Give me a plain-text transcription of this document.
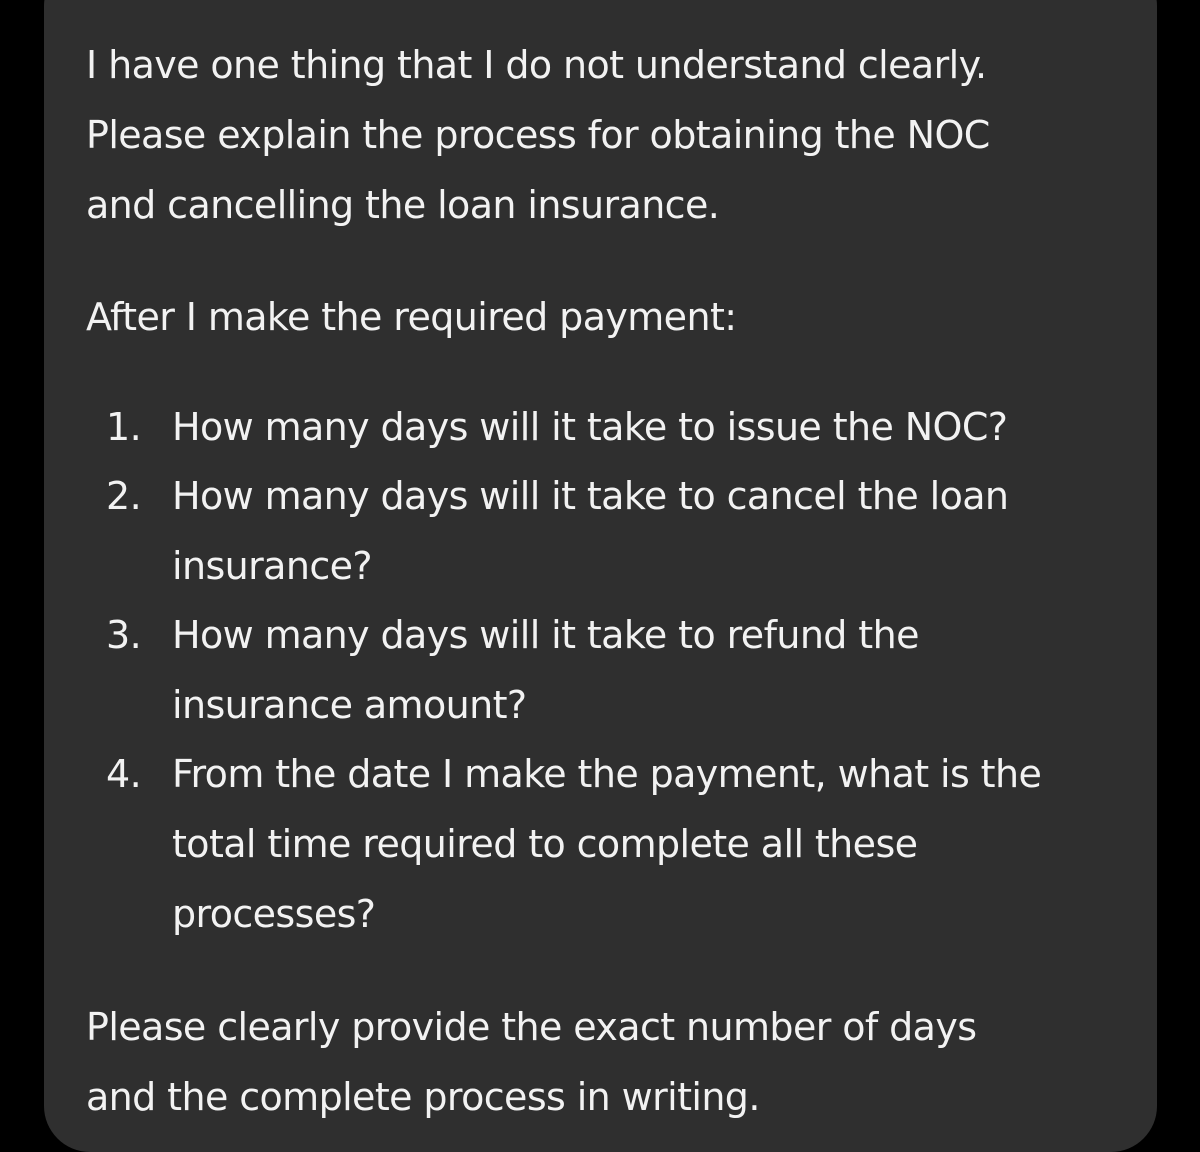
I have one thing that I do not understand clearly.
Please explain the process for obtaining the NOC
and cancelling the loan insurance.

After I make the required payment:

1. How many days will it take to issue the NOC?
2. How many days will it take to cancel the loan
insurance?
3. How many days will it take to refund the
insurance amount?
4. From the date I make the payment, what is the
total time required to complete all these
processes?

Please clearly provide the exact number of days
and the complete process in writing.
